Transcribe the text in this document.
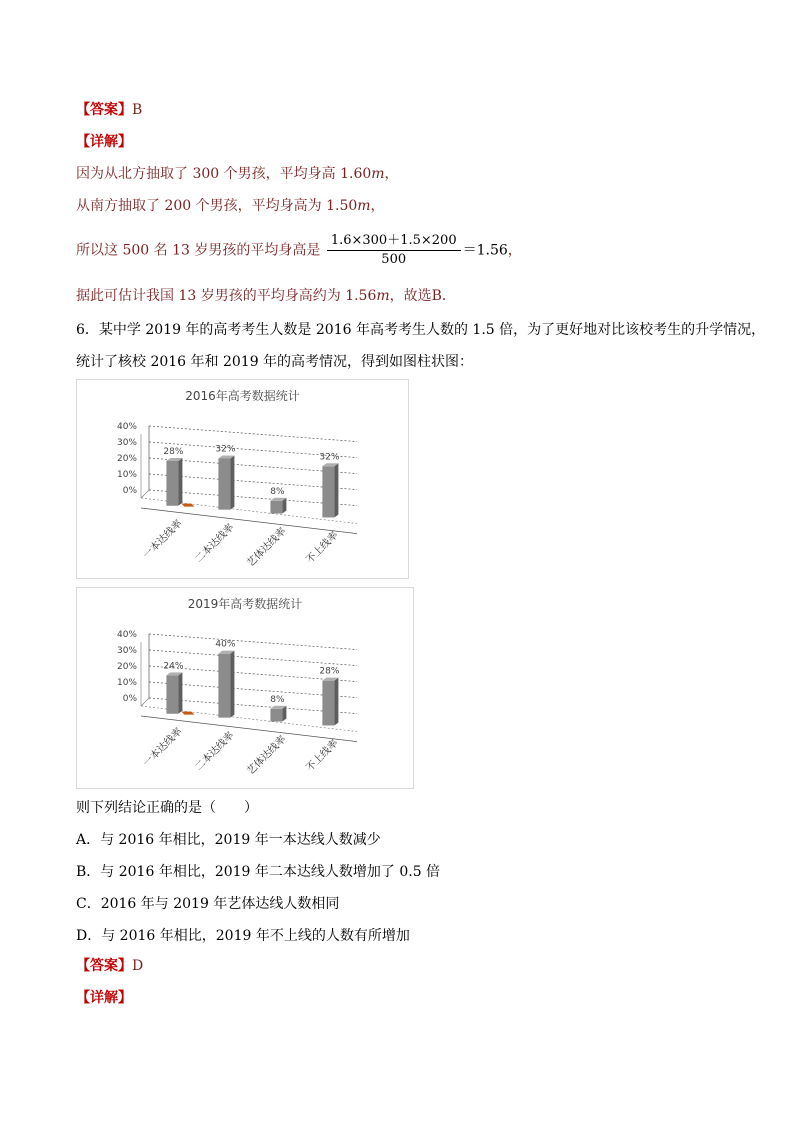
【答案】B
【详解】
因为从北方抽取了 300 个男孩，平均身高 1.60m，
从南方抽取了 200 个男孩，平均身高为 1.50m，
所以这 500 名 13 岁男孩的平均身高是 $\frac{1.6\times 300+1.5\times 200}{500} =1.56$，
据此可估计我国 13 岁男孩的平均身高约为 1.56m，故选B．
6．某中学 2019 年的高考考生人数是 2016 年高考考生人数的 1.5 倍，为了更好地对比该校考生的升学情况，
统计了核校 2016 年和 2019 年的高考情况，得到如图柱状图：
2016年高考数据统计
0%
10%
20%
30%
40%
28%
一本达线率
32%
二本达线率
8%
艺体达线率
32%
不上线率
2019年高考数据统计
0%
10%
20%
30%
40%
24%
一本达线率
40%
二本达线率
8%
艺体达线率
28%
不上线率
则下列结论正确的是（　　）
A．与 2016 年相比，2019 年一本达线人数减少
B．与 2016 年相比，2019 年二本达线人数增加了 0.5 倍
C．2016 年与 2019 年艺体达线人数相同
D．与 2016 年相比，2019 年不上线的人数有所增加
【答案】D
【详解】
